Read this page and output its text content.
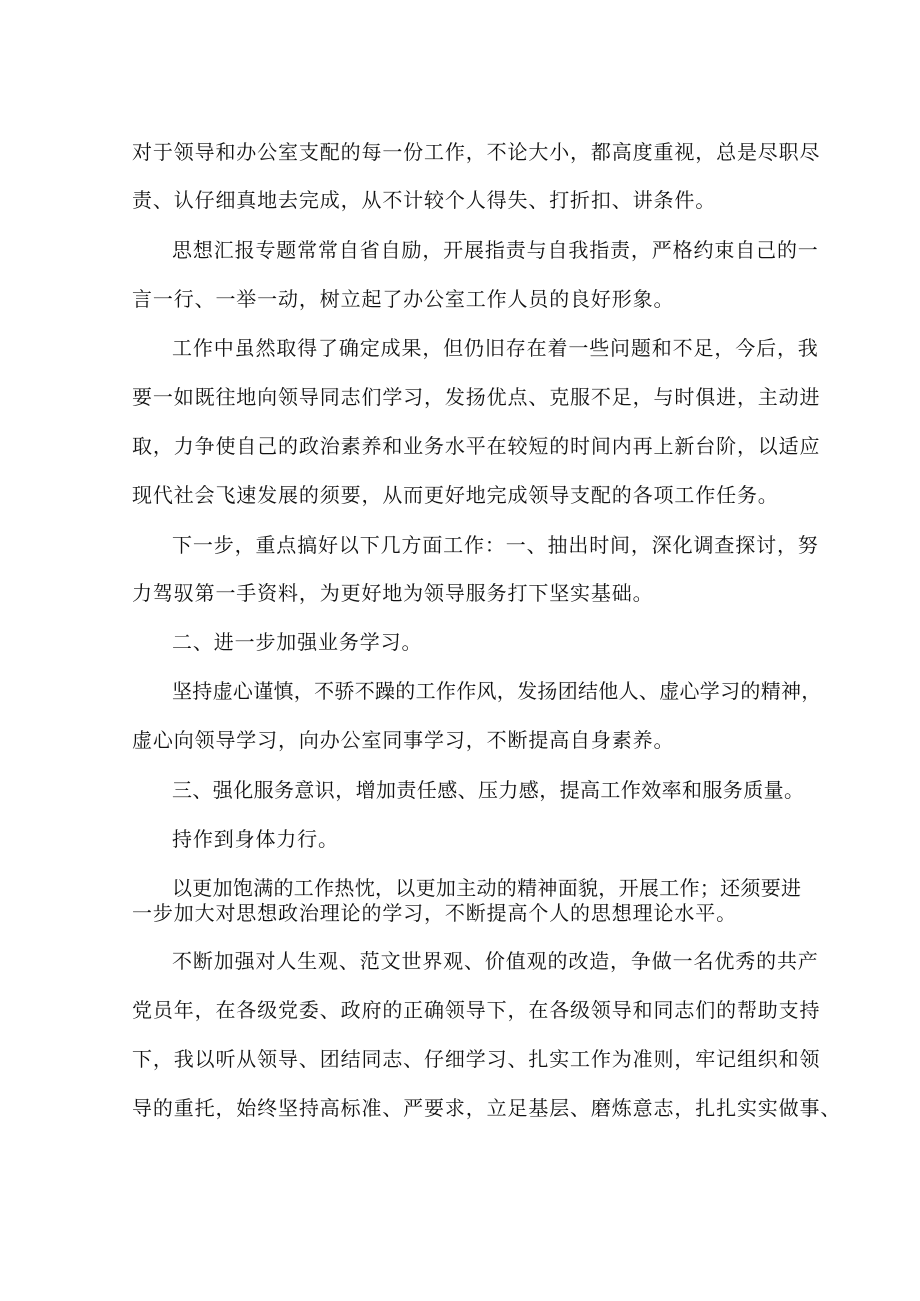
对于领导和办公室支配的每一份工作，不论大小，都高度重视，总是尽职尽

责、认仔细真地去完成，从不计较个人得失、打折扣、讲条件。

思想汇报专题常常自省自励，开展指责与自我指责，严格约束自己的一

言一行、一举一动，树立起了办公室工作人员的良好形象。

工作中虽然取得了确定成果，但仍旧存在着一些问题和不足，今后，我

要一如既往地向领导同志们学习，发扬优点、克服不足，与时俱进，主动进

取，力争使自己的政治素养和业务水平在较短的时间内再上新台阶，以适应

现代社会飞速发展的须要，从而更好地完成领导支配的各项工作任务。

下一步，重点搞好以下几方面工作：一、抽出时间，深化调查探讨，努

力驾驭第一手资料，为更好地为领导服务打下坚实基础。

二、进一步加强业务学习。

坚持虚心谨慎，不骄不躁的工作作风，发扬团结他人、虚心学习的精神，

虚心向领导学习，向办公室同事学习，不断提高自身素养。

三、强化服务意识，增加责任感、压力感，提高工作效率和服务质量。

持作到身体力行。

以更加饱满的工作热忱，以更加主动的精神面貌，开展工作；还须要进

一步加大对思想政治理论的学习，不断提高个人的思想理论水平。

不断加强对人生观、范文世界观、价值观的改造，争做一名优秀的共产

党员年，在各级党委、政府的正确领导下，在各级领导和同志们的帮助支持

下，我以听从领导、团结同志、仔细学习、扎实工作为准则，牢记组织和领

导的重托，始终坚持高标准、严要求，立足基层、磨炼意志，扎扎实实做事、
